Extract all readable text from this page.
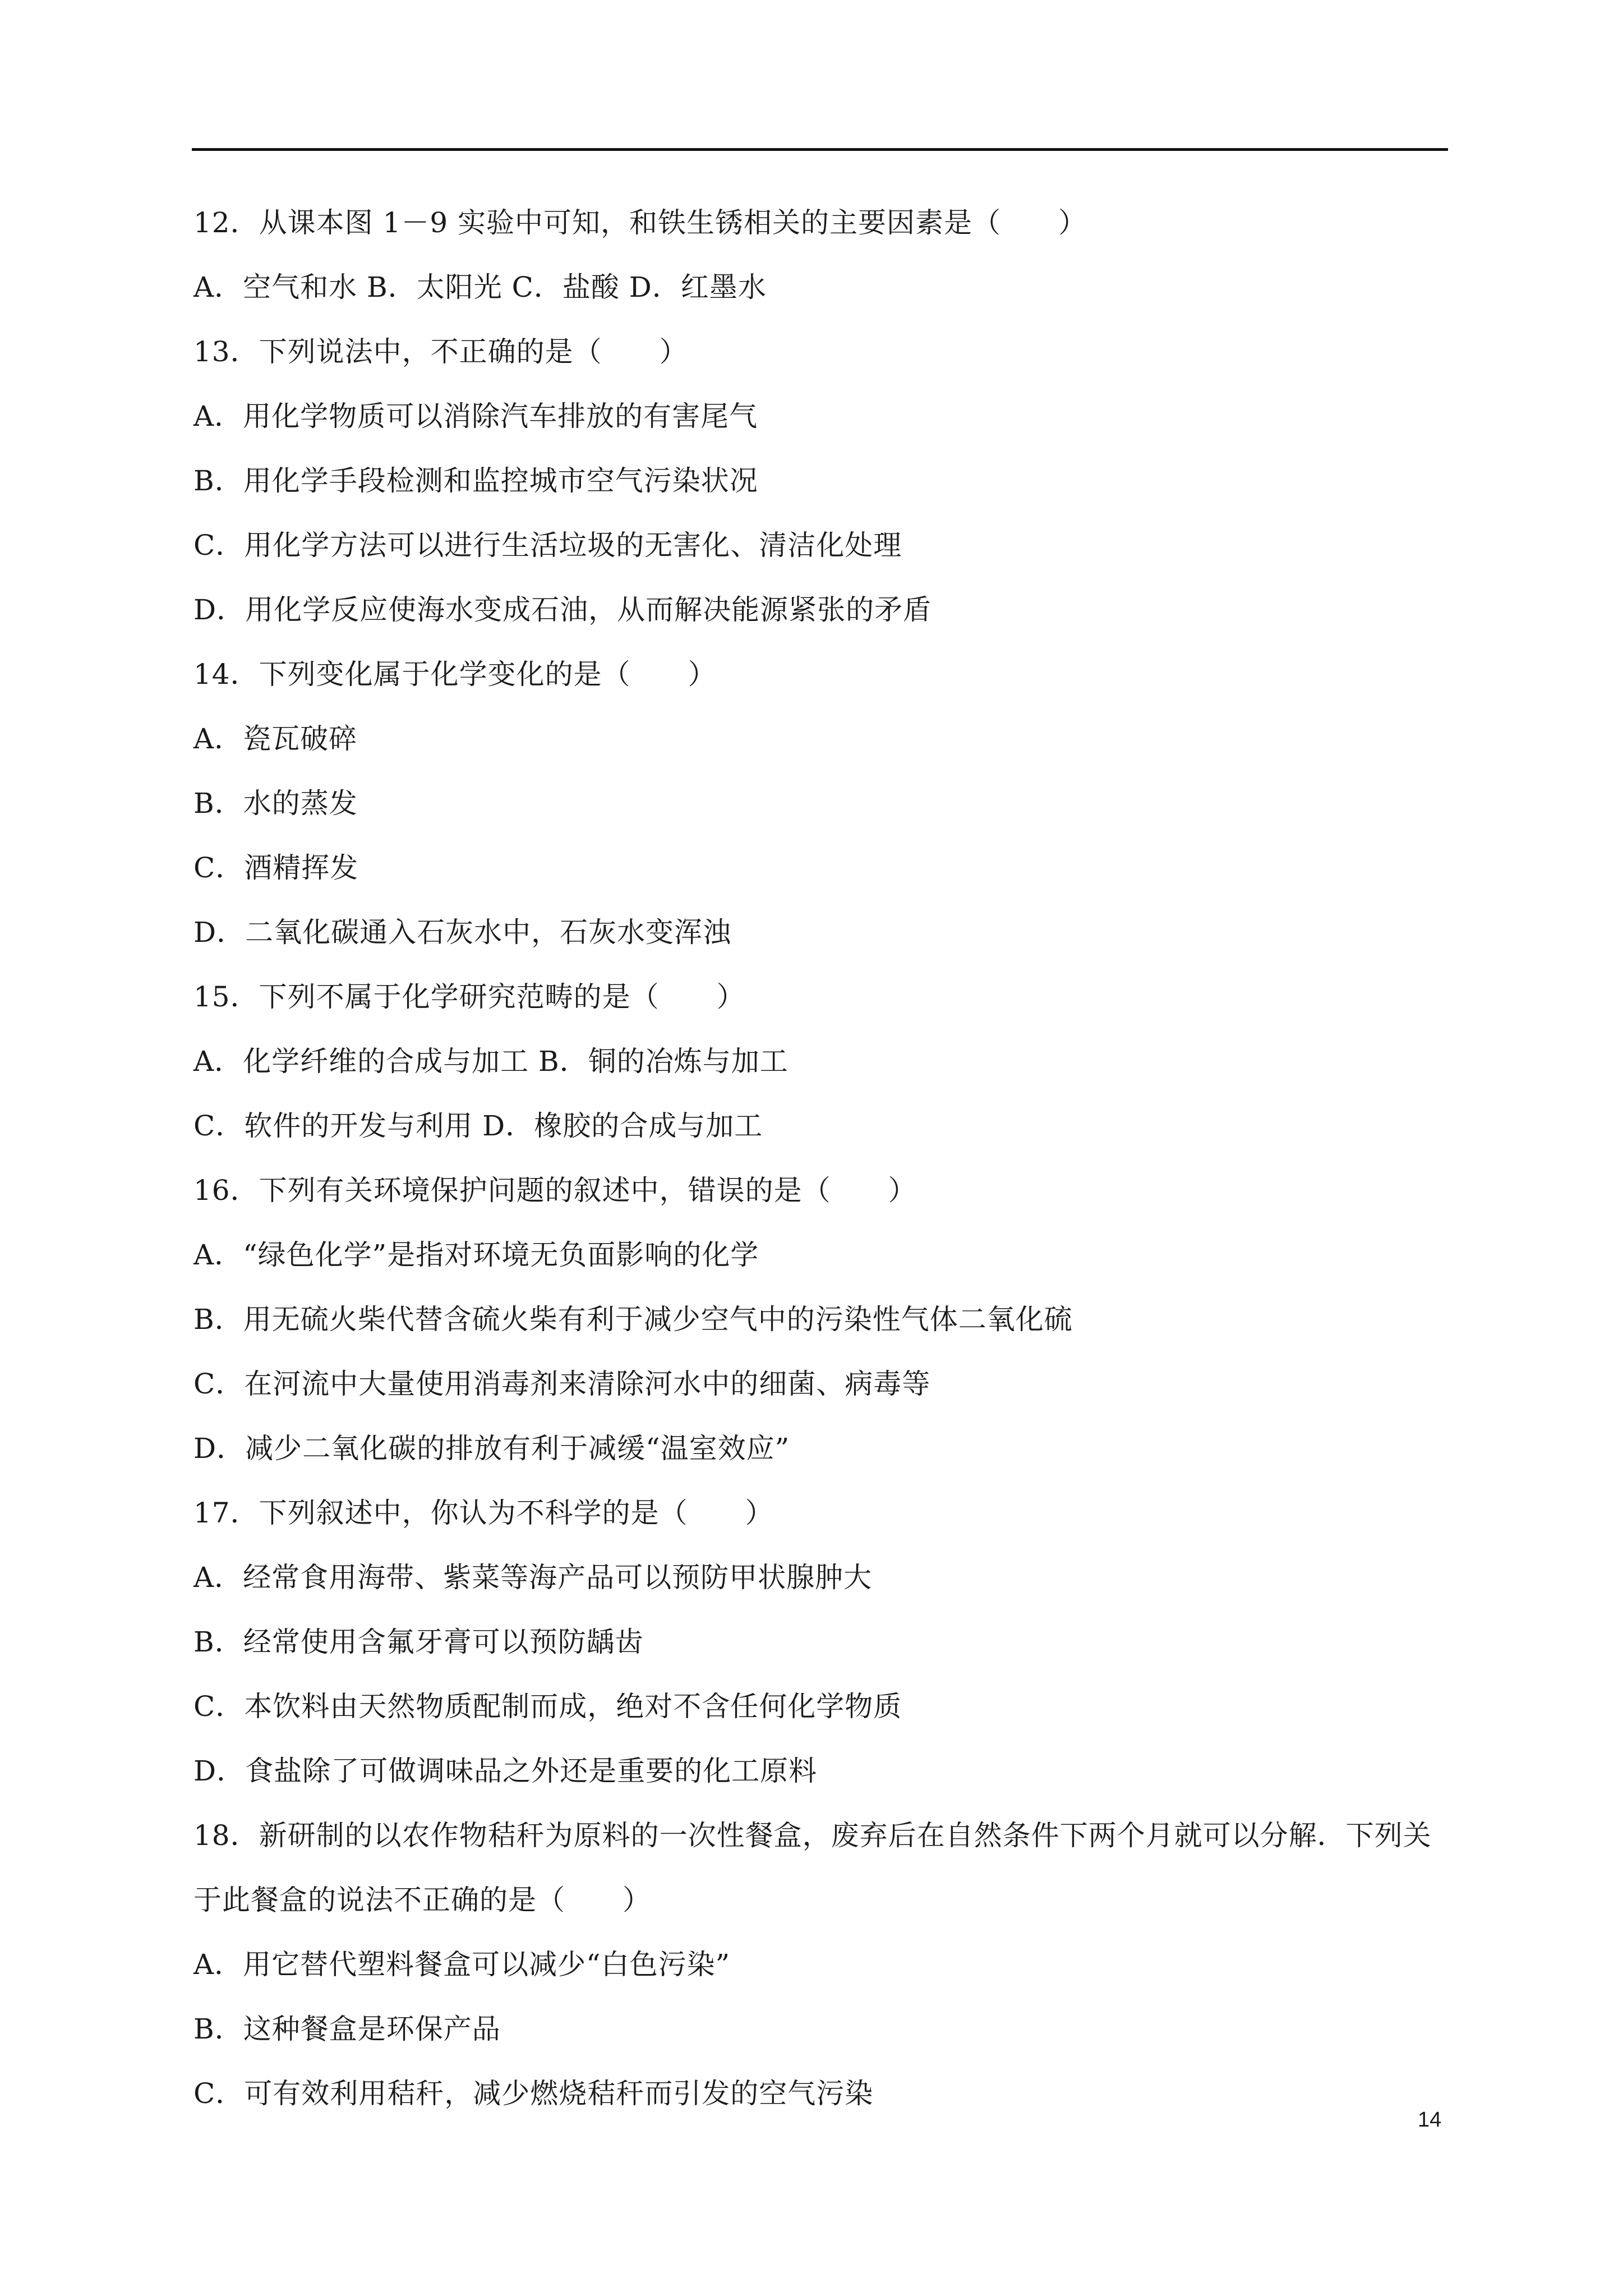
12．从课本图 1－9 实验中可知，和铁生锈相关的主要因素是（　　）
A．空气和水 B．太阳光 C．盐酸 D．红墨水
13．下列说法中，不正确的是（　　）
A．用化学物质可以消除汽车排放的有害尾气
B．用化学手段检测和监控城市空气污染状况
C．用化学方法可以进行生活垃圾的无害化、清洁化处理
D．用化学反应使海水变成石油，从而解决能源紧张的矛盾
14．下列变化属于化学变化的是（　　）
A．瓷瓦破碎
B．水的蒸发
C．酒精挥发
D．二氧化碳通入石灰水中，石灰水变浑浊
15．下列不属于化学研究范畴的是（　　）
A．化学纤维的合成与加工 B．铜的冶炼与加工
C．软件的开发与利用 D．橡胶的合成与加工
16．下列有关环境保护问题的叙述中，错误的是（　　）
A．“绿色化学”是指对环境无负面影响的化学
B．用无硫火柴代替含硫火柴有利于减少空气中的污染性气体二氧化硫
C．在河流中大量使用消毒剂来清除河水中的细菌、病毒等
D．减少二氧化碳的排放有利于减缓“温室效应”
17．下列叙述中，你认为不科学的是（　　）
A．经常食用海带、紫菜等海产品可以预防甲状腺肿大
B．经常使用含氟牙膏可以预防龋齿
C．本饮料由天然物质配制而成，绝对不含任何化学物质
D．食盐除了可做调味品之外还是重要的化工原料
18．新研制的以农作物秸秆为原料的一次性餐盒，废弃后在自然条件下两个月就可以分解．下列关
于此餐盒的说法不正确的是（　　）
A．用它替代塑料餐盒可以减少“白色污染”
B．这种餐盒是环保产品
C．可有效利用秸秆，减少燃烧秸秆而引发的空气污染
14
